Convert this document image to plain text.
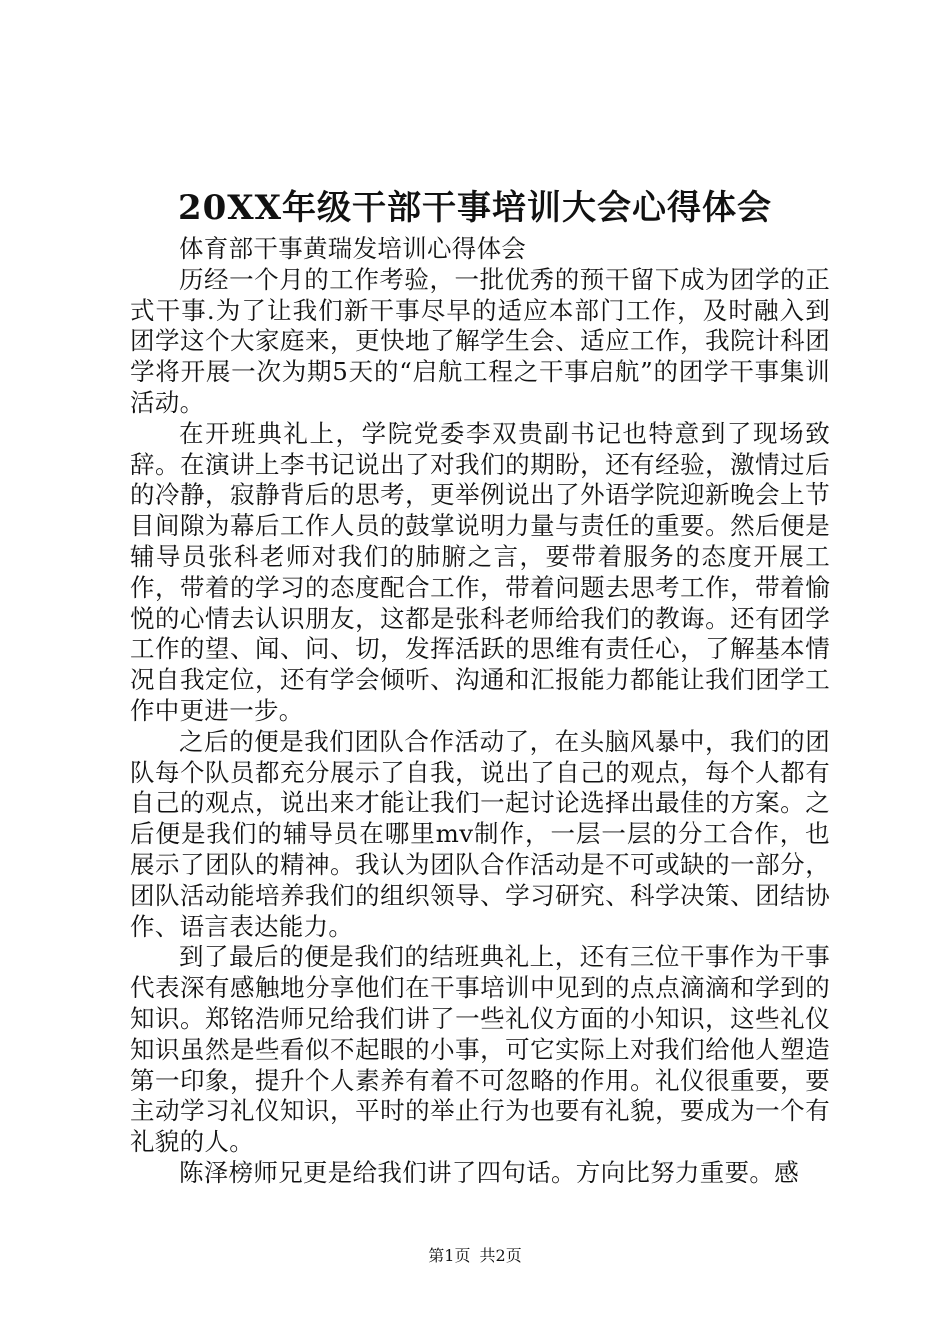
20XX年级干部干事培训大会心得体会

体育部干事黄瑞发培训心得体会

历经一个月的工作考验，一批优秀的预干留下成为团学的正式干事.为了让我们新干事尽早的适应本部门工作，及时融入到团学这个大家庭来，更快地了解学生会、适应工作，我院计科团学将开展一次为期5天的“启航工程之干事启航”的团学干事集训活动。

在开班典礼上，学院党委李双贵副书记也特意到了现场致辞。在演讲上李书记说出了对我们的期盼，还有经验，激情过后的冷静，寂静背后的思考，更举例说出了外语学院迎新晚会上节目间隙为幕后工作人员的鼓掌说明力量与责任的重要。然后便是辅导员张科老师对我们的肺腑之言，要带着服务的态度开展工作，带着的学习的态度配合工作，带着问题去思考工作，带着愉悦的心情去认识朋友，这都是张科老师给我们的教诲。还有团学工作的望、闻、问、切，发挥活跃的思维有责任心，了解基本情况自我定位，还有学会倾听、沟通和汇报能力都能让我们团学工作中更进一步。

之后的便是我们团队合作活动了，在头脑风暴中，我们的团队每个队员都充分展示了自我，说出了自己的观点，每个人都有自己的观点，说出来才能让我们一起讨论选择出最佳的方案。之后便是我们的辅导员在哪里mv制作，一层一层的分工合作，也展示了团队的精神。我认为团队合作活动是不可或缺的一部分，团队活动能培养我们的组织领导、学习研究、科学决策、团结协作、语言表达能力。

到了最后的便是我们的结班典礼上，还有三位干事作为干事代表深有感触地分享他们在干事培训中见到的点点滴滴和学到的知识。郑铭浩师兄给我们讲了一些礼仪方面的小知识，这些礼仪知识虽然是些看似不起眼的小事，可它实际上对我们给他人塑造第一印象，提升个人素养有着不可忽略的作用。礼仪很重要，要主动学习礼仪知识，平时的举止行为也要有礼貌，要成为一个有礼貌的人。

陈泽榜师兄更是给我们讲了四句话。方向比努力重要。感

第1页 共2页
